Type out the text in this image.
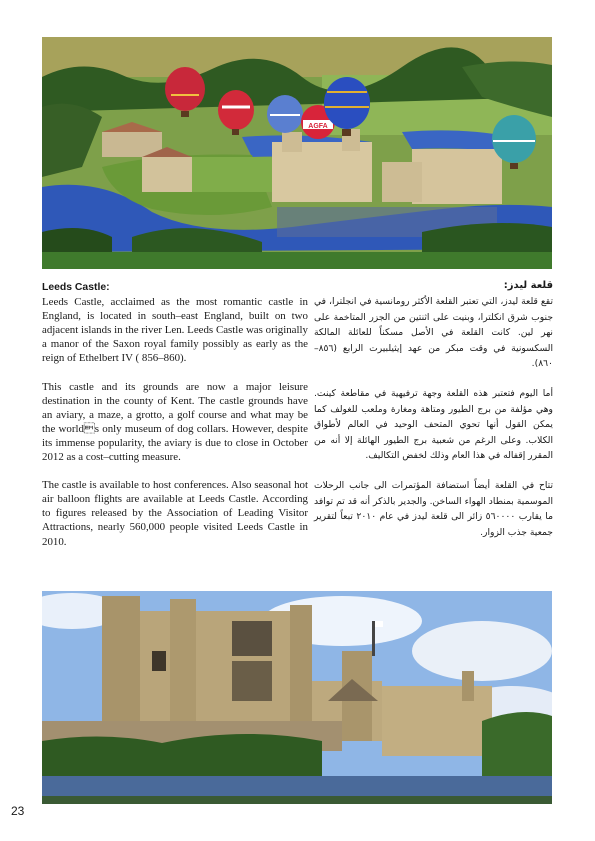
AGFA
Leeds Castle:

Leeds Castle, acclaimed as the most romantic castle in England, is located in south–east England, built on two adjacent islands in the river Len. Leeds Castle was originally a manor of the Saxon royal family possibly as early as the reign of Ethelbert IV ( 856–860).

This castle and its grounds are now a major leisure destination in the county of Kent. The castle grounds have an aviary, a maze, a grotto, a golf course and what may be the worlds only museum of dog collars. However, despite its immense popularity, the aviary is due to close in October 2012 as a cost–cutting measure.

The castle is available to host conferences. Also seasonal hot air balloon flights are available at Leeds Castle. According to figures released by the Association of Leading Visitor Attractions, nearly 560,000 people visited Leeds Castle in 2010.

قلعة ليدز:

تقع قلعة ليدز، التي تعتبر القلعة الأكثر رومانسية في انجلترا، في جنوب شرق انكلترا، وبنيت على اثنتين من الجزر المتاخمة على نهر لين. كانت القلعة في الأصل مسكناً للعائلة المالكة السكسونية في وقت مبكر من عهد إيثيلبيرت الرابع (٨٥٦– ٨٦٠).

أما اليوم فتعتبر هذه القلعة وجهة ترفيهية في مقاطعة كينت. وهي مؤلفة من برج الطيور ومتاهة ومغارة وملعب للغولف كما يمكن القول أنها تحوي المتحف الوحيد في العالم لأطواق الكلاب. وعلى الرغم من شعبية برج الطيور الهائلة إلا أنه من المقرر إقفاله في هذا العام وذلك لخفض التكاليف.

تتاح في القلعة أيضاً استضافة المؤتمرات الى جانب الرحلات الموسمية بمنطاد الهواء الساخن. والجدير بالذكر أنه قد تم توافد ما يقارب ٥٦٠٠٠٠ زائر الى قلعة ليدز في عام ٢٠١٠ تبعاً لتقرير جمعية جذب الزوار.

23
